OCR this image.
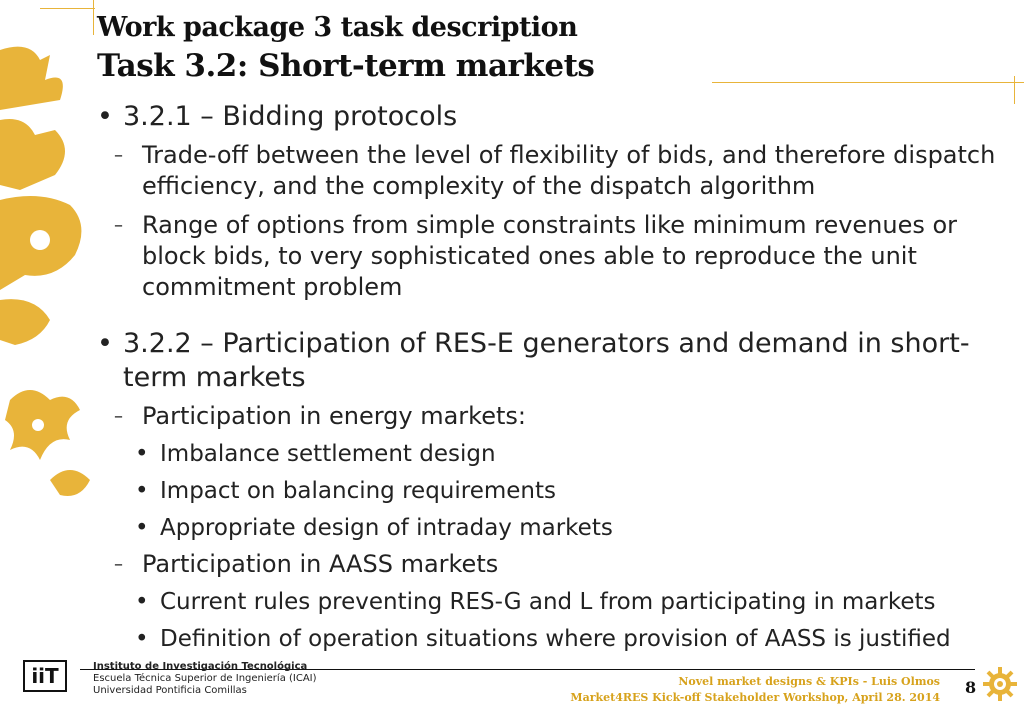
Work package 3 task description
Task 3.2: Short-term markets
• 3.2.1 – Bidding protocols
– Trade-off between the level of flexibility of bids, and therefore dispatch efficiency, and the complexity of the dispatch algorithm
– Range of options from simple constraints like minimum revenues or block bids, to very sophisticated ones able to reproduce the unit commitment problem
• 3.2.2 – Participation of RES-E generators and demand in short-term markets
– Participation in energy markets:
• Imbalance settlement design
• Impact on balancing requirements
• Appropriate design of intraday markets
– Participation in AASS markets
• Current rules preventing RES-G and L from participating in markets
• Definition of operation situations where provision of AASS is justified
iiT	Instituto de Investigación Tecnológica
Escuela Técnica Superior de Ingeniería (ICAI)
Universidad Pontificia Comillas
Novel market designs & KPIs - Luis Olmos
Market4RES Kick-off Stakeholder Workshop, April 28. 2014
8
